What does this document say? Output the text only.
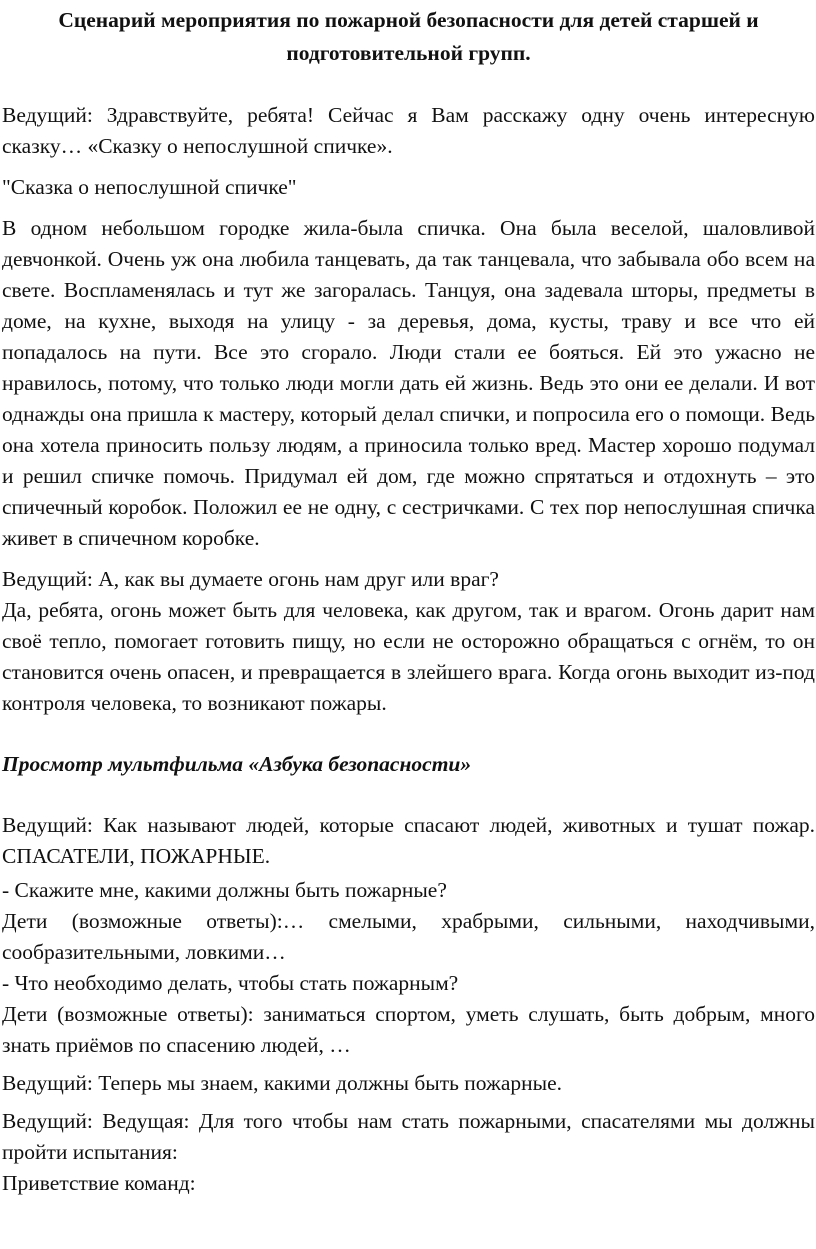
Сценарий мероприятия по пожарной безопасности для детей старшей и
подготовительной групп.

Ведущий: Здравствуйте, ребята! Сейчас я Вам расскажу одну очень интересную сказку… «Сказку о непослушной спичке».

"Сказка о непослушной спичке"

В одном небольшом городке жила-была спичка. Она была веселой, шаловливой девчонкой. Очень уж она любила танцевать, да так танцевала, что забывала обо всем на свете. Воспламенялась и тут же загоралась. Танцуя, она задевала шторы, предметы в доме, на кухне, выходя на улицу - за деревья, дома, кусты, траву и все что ей попадалось на пути. Все это сгорало. Люди стали ее бояться. Ей это ужасно не нравилось, потому, что только люди могли дать ей жизнь. Ведь это они ее делали. И вот однажды она пришла к мастеру, который делал спички, и попросила его о помощи. Ведь она хотела приносить пользу людям, а приносила только вред. Мастер хорошо подумал и решил спичке помочь. Придумал ей дом, где можно спрятаться и отдохнуть – это спичечный коробок. Положил ее не одну, с сестричками. С тех пор непослушная спичка живет в спичечном коробке.

Ведущий: А, как вы думаете огонь нам друг или враг?

Да, ребята, огонь может быть для человека, как другом, так и врагом. Огонь дарит нам своё тепло, помогает готовить пищу, но если не осторожно обращаться с огнём, то он становится очень опасен, и превращается в злейшего врага. Когда огонь выходит из-под контроля человека, то возникают пожары.

Просмотр мультфильма «Азбука безопасности»

Ведущий: Как называют людей, которые спасают людей, животных и тушат пожар. СПАСАТЕЛИ, ПОЖАРНЫЕ.

- Скажите мне, какими должны быть пожарные?

Дети (возможные ответы):… смелыми, храбрыми, сильными, находчивыми, сообразительными, ловкими…

- Что необходимо делать, чтобы стать пожарным?

Дети (возможные ответы): заниматься спортом, уметь слушать, быть добрым, много знать приёмов по спасению людей, …

Ведущий: Теперь мы знаем, какими должны быть пожарные.

Ведущий: Ведущая: Для того чтобы нам стать пожарными, спасателями мы должны пройти испытания:

Приветствие команд:
